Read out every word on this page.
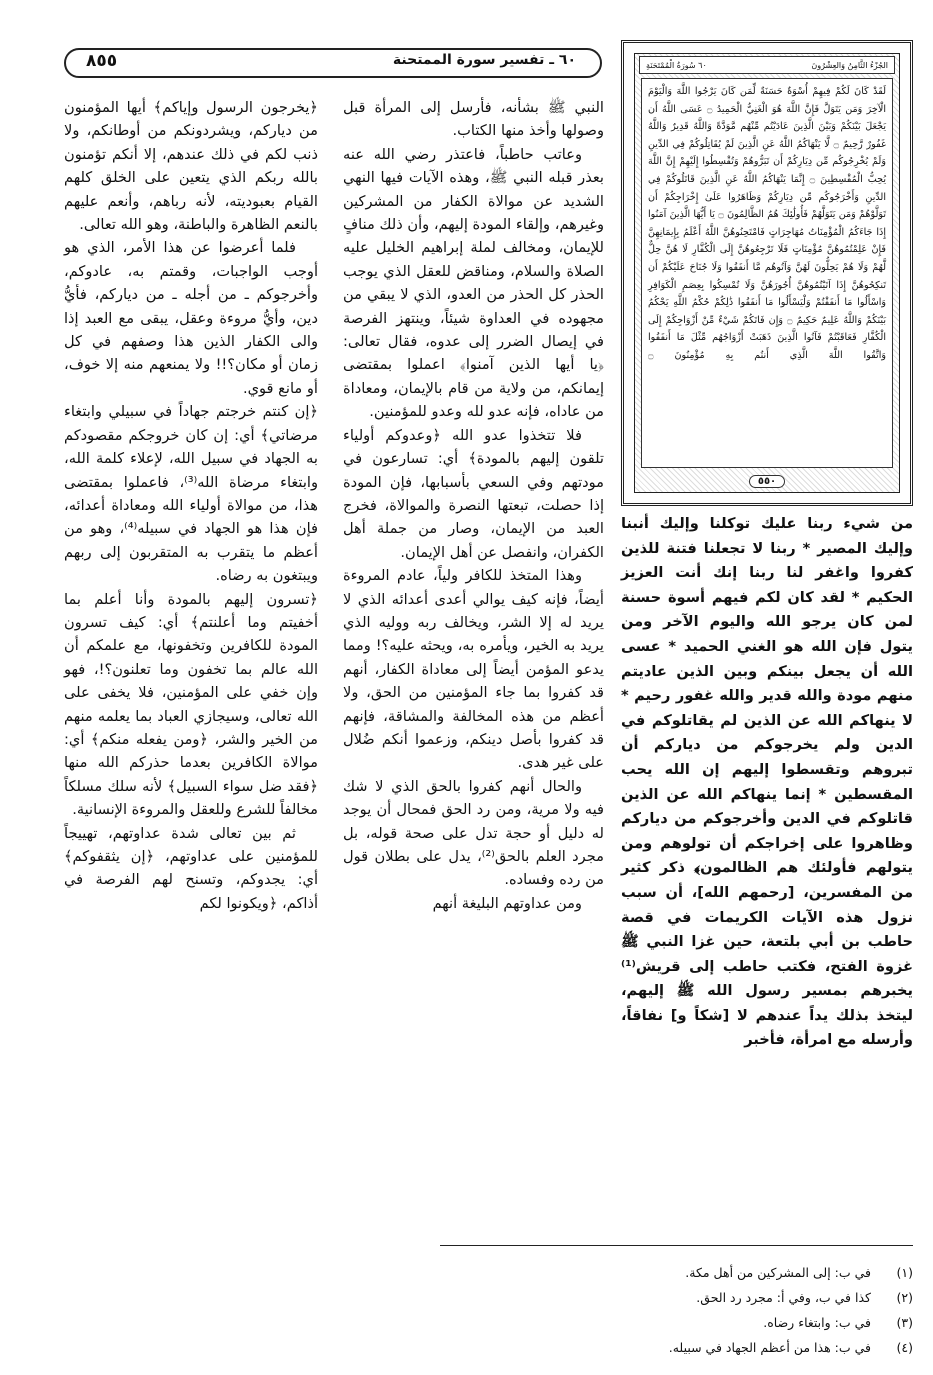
٨٥٥	٦٠ ـ تفسير سورة الممتحنة	الجُزْءُ الثَّامِنُ وَالعِشْرُونَ
٦٠ سُورَةُ الْمُمْتَحَنَةِ
لَقَدْ كَانَ لَكُمْ فِيهِمْ أُسْوَةٌ حَسَنَةٌ لِّمَن كَانَ يَرْجُوا اللَّهَ وَالْيَوْمَ الْآخِرَ وَمَن يَتَوَلَّ فَإِنَّ اللَّهَ هُوَ الْغَنِيُّ الْحَمِيدُ ۝ عَسَى اللَّهُ أَن يَجْعَلَ بَيْنَكُمْ وَبَيْنَ الَّذِينَ عَادَيْتُم مِّنْهُم مَّوَدَّةً وَاللَّهُ قَدِيرٌ وَاللَّهُ غَفُورٌ رَّحِيمٌ ۝ لَّا يَنْهَاكُمُ اللَّهُ عَنِ الَّذِينَ لَمْ يُقَاتِلُوكُمْ فِي الدِّينِ وَلَمْ يُخْرِجُوكُم مِّن دِيَارِكُمْ أَن تَبَرُّوهُمْ وَتُقْسِطُوا إِلَيْهِمْ إِنَّ اللَّهَ يُحِبُّ الْمُقْسِطِينَ ۝ إِنَّمَا يَنْهَاكُمُ اللَّهُ عَنِ الَّذِينَ قَاتَلُوكُمْ فِي الدِّينِ وَأَخْرَجُوكُم مِّن دِيَارِكُمْ وَظَاهَرُوا عَلَىٰ إِخْرَاجِكُمْ أَن تَوَلَّوْهُمْ وَمَن يَتَوَلَّهُمْ فَأُولَٰئِكَ هُمُ الظَّالِمُونَ ۝ يَا أَيُّهَا الَّذِينَ آمَنُوا إِذَا جَاءَكُمُ الْمُؤْمِنَاتُ مُهَاجِرَاتٍ فَامْتَحِنُوهُنَّ اللَّهُ أَعْلَمُ بِإِيمَانِهِنَّ فَإِنْ عَلِمْتُمُوهُنَّ مُؤْمِنَاتٍ فَلَا تَرْجِعُوهُنَّ إِلَى الْكُفَّارِ لَا هُنَّ حِلٌّ لَّهُمْ وَلَا هُمْ يَحِلُّونَ لَهُنَّ وَآتُوهُم مَّا أَنفَقُوا وَلَا جُنَاحَ عَلَيْكُمْ أَن تَنكِحُوهُنَّ إِذَا آتَيْتُمُوهُنَّ أُجُورَهُنَّ وَلَا تُمْسِكُوا بِعِصَمِ الْكَوَافِرِ وَاسْأَلُوا مَا أَنفَقْتُمْ وَلْيَسْأَلُوا مَا أَنفَقُوا ذَٰلِكُمْ حُكْمُ اللَّهِ يَحْكُمُ بَيْنَكُمْ وَاللَّهُ عَلِيمٌ حَكِيمٌ ۝ وَإِن فَاتَكُمْ شَيْءٌ مِّنْ أَزْوَاجِكُمْ إِلَى الْكُفَّارِ فَعَاقَبْتُمْ فَآتُوا الَّذِينَ ذَهَبَتْ أَزْوَاجُهُم مِّثْلَ مَا أَنفَقُوا وَاتَّقُوا اللَّهَ الَّذِي أَنتُم بِهِ مُؤْمِنُونَ ۝
٥٥٠

من شيء ربنا عليك توكلنا وإليك أنبنا وإليك المصير * ربنا لا تجعلنا فتنة للذين كفروا واغفر لنا ربنا إنك أنت العزيز الحكيم * لقد كان لكم فيهم أسوة حسنة لمن كان يرجو الله واليوم الآخر ومن يتول فإن الله هو الغني الحميد * عسى الله أن يجعل بينكم وبين الذين عاديتم منهم مودة والله قدير والله غفور رحيم * لا ينهاكم الله عن الذين لم يقاتلوكم في الدين ولم يخرجوكم من دياركم أن تبروهم وتقسطوا إليهم إن الله يحب المقسطين * إنما ينهاكم الله عن الذين قاتلوكم في الدين وأخرجوكم من دياركم وظاهروا على إخراجكم أن تولوهم ومن يتولهم فأولئك هم الظالمون﴾ ذكر كثير من المفسرين، [رحمهم الله]، أن سبب نزول هذه الآيات الكريمات في قصة حاطب بن أبي بلتعة، حين غزا النبي ﷺ غزوة الفتح، فكتب حاطب إلى قريش⁽¹⁾ يخبرهم بمسير رسول الله ﷺ إليهم، ليتخذ بذلك يداً عندهم لا [شكاً و] نفاقاً، وأرسله مع امرأة، فأخبر

النبي ﷺ بشأنه، فأرسل إلى المرأة قبل وصولها وأخذ منها الكتاب.

وعاتب حاطباً، فاعتذر رضي الله عنه بعذر قبله النبي ﷺ، وهذه الآيات فيها النهي الشديد عن موالاة الكفار من المشركين وغيرهم، وإلقاء المودة إليهم، وأن ذلك منافٍ للإيمان، ومخالف لملة إبراهيم الخليل عليه الصلاة والسلام، ومناقض للعقل الذي يوجب الحذر كل الحذر من العدو، الذي لا يبقي من مجهوده في العداوة شيئاً، وينتهز الفرصة في إيصال الضرر إلى عدوه، فقال تعالى: ﴿يا أيها الذين آمنوا﴾ اعملوا بمقتضى إيمانكم، من ولاية من قام بالإيمان، ومعاداة من عاداه، فإنه عدو لله وعدو للمؤمنين.

فلا تتخذوا عدو الله ﴿وعدوكم أولياء تلقون إليهم بالمودة﴾ أي: تسارعون في مودتهم وفي السعي بأسبابها، فإن المودة إذا حصلت، تبعتها النصرة والموالاة، فخرج العبد من الإيمان، وصار من جملة أهل الكفران، وانفصل عن أهل الإيمان.

وهذا المتخذ للكافر ولياً، عادم المروءة أيضاً، فإنه كيف يوالي أعدى أعدائه الذي لا يريد له إلا الشر، ويخالف ربه ووليه الذي يريد به الخير، ويأمره به، ويحثه عليه؟! ومما يدعو المؤمن أيضاً إلى معاداة الكفار، أنهم قد كفروا بما جاء المؤمنين من الحق، ولا أعظم من هذه المخالفة والمشاقة، فإنهم قد كفروا بأصل دينكم، وزعموا أنكم ضُلال على غير هدى.

والحال أنهم كفروا بالحق الذي لا شك فيه ولا مرية، ومن رد الحق فمحال أن يوجد له دليل أو حجة تدل على صحة قوله، بل مجرد العلم بالحق⁽²⁾، يدل على بطلان قول من رده وفساده.

ومن عداوتهم البليغة أنهم

﴿يخرجون الرسول وإياكم﴾ أيها المؤمنون من دياركم، ويشردونكم من أوطانكم، ولا ذنب لكم في ذلك عندهم، إلا أنكم تؤمنون بالله ربكم الذي يتعين على الخلق كلهم القيام بعبوديته، لأنه رباهم، وأنعم عليهم بالنعم الظاهرة والباطنة، وهو الله تعالى.

فلما أعرضوا عن هذا الأمر، الذي هو أوجب الواجبات، وقمتم به، عادوكم، وأخرجوكم ـ من أجله ـ من دياركم، فأيُّ دين، وأيُّ مروءة وعقل، يبقى مع العبد إذا والى الكفار الذين هذا وصفهم في كل زمان أو مكان؟!! ولا يمنعهم منه إلا خوف، أو مانع قوي.

﴿إن كنتم خرجتم جهاداً في سبيلي وابتغاء مرضاتي﴾ أي: إن كان خروجكم مقصودكم به الجهاد في سبيل الله، لإعلاء كلمة الله، وابتغاء مرضاة الله⁽³⁾، فاعملوا بمقتضى هذا، من موالاة أولياء الله ومعاداة أعدائه، فإن هذا هو الجهاد في سبيله⁽⁴⁾، وهو من أعظم ما يتقرب به المتقربون إلى ربهم ويبتغون به رضاه.

﴿تسرون إليهم بالمودة وأنا أعلم بما أخفيتم وما أعلنتم﴾ أي: كيف تسرون المودة للكافرين وتخفونها، مع علمكم أن الله عالم بما تخفون وما تعلنون؟!، فهو وإن خفي على المؤمنين، فلا يخفى على الله تعالى، وسيجازي العباد بما يعلمه منهم من الخير والشر، ﴿ومن يفعله منكم﴾ أي: موالاة الكافرين بعدما حذركم الله منها ﴿فقد ضل سواء السبيل﴾ لأنه سلك مسلكاً مخالفاً للشرع وللعقل والمروءة الإنسانية.

ثم بين تعالى شدة عداوتهم، تهييجاً للمؤمنين على عداوتهم، ﴿إن يثقفوكم﴾ أي: يجدوكم، وتسنح لهم الفرصة في أذاكم، ﴿ويكونوا لكم

(١)
في ب: إلى المشركين من أهل مكة.
(٢)
كذا في ب، وفي أ: مجرد رد الحق.
(٣)
في ب: وابتغاء رضاه.
(٤)
في ب: هذا من أعظم الجهاد في سبيله.
